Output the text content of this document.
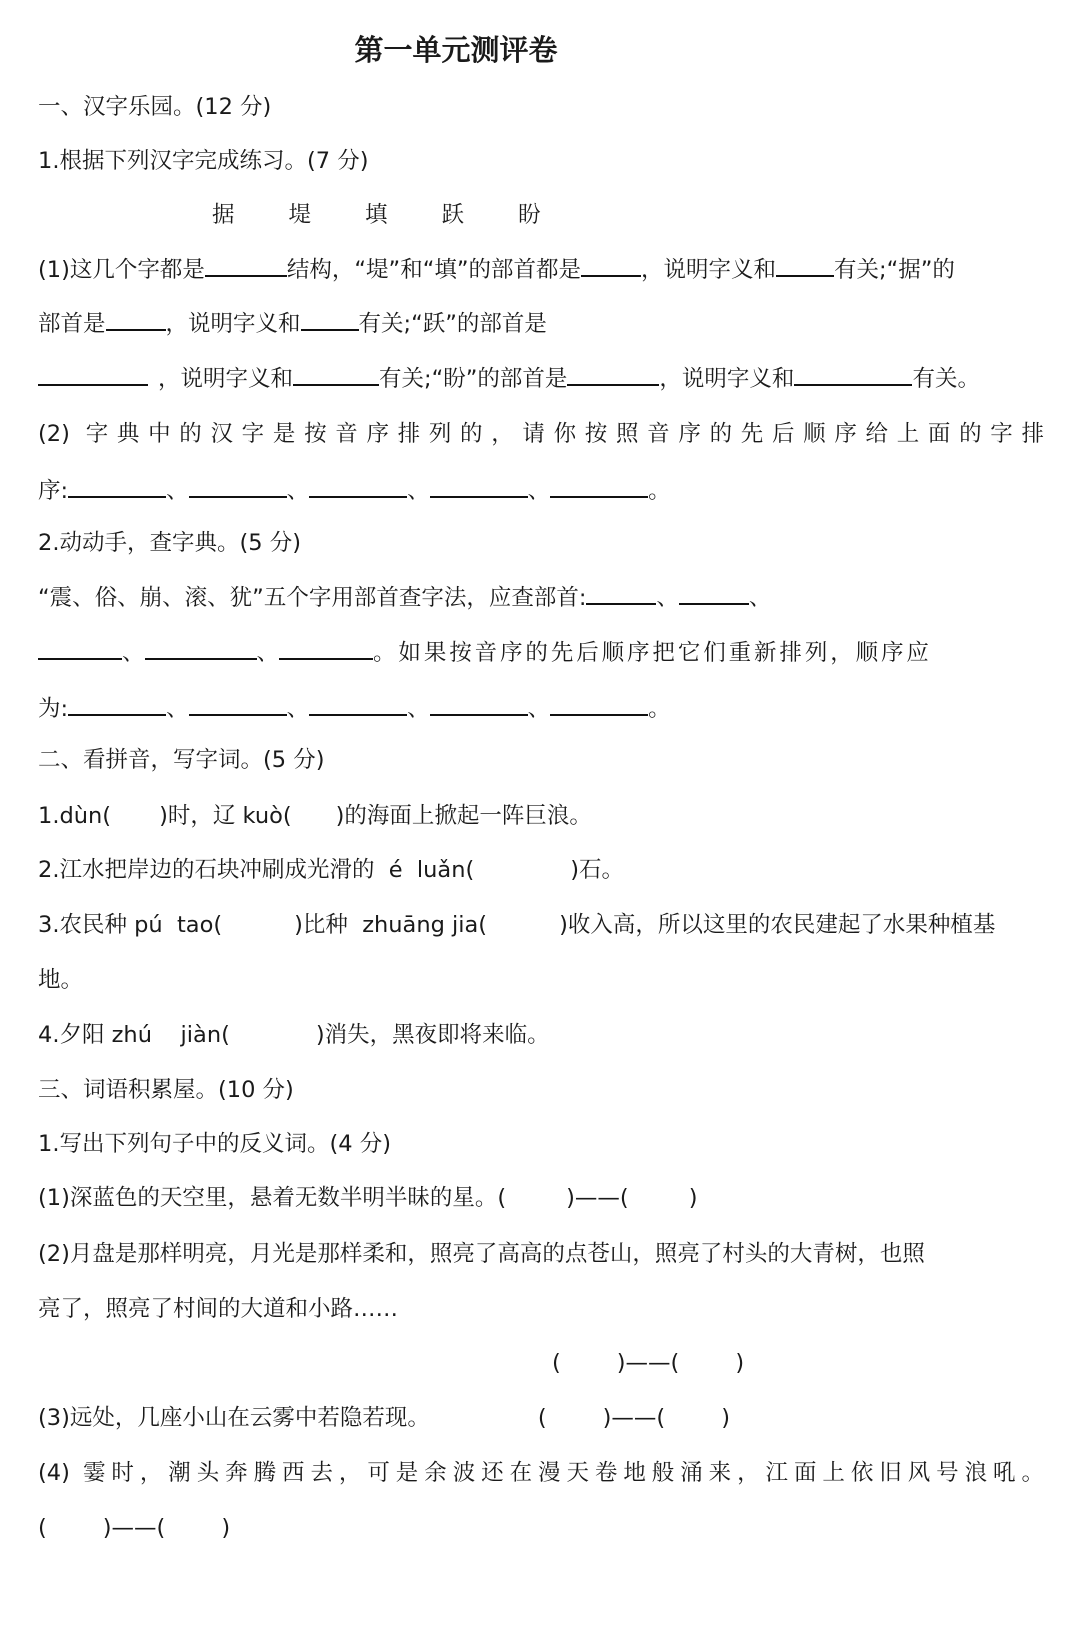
第一单元测评卷
一、汉字乐园。(12 分)
1.根据下列汉字完成练习。(7 分)
据 堤 填 跃 盼
(1)这几个字都是	结构，“堤”和“填”的部首都是	，说明字义和	有关;“据”的
部首是	，说明字义和	有关;“跃”的部首是
，说明字义和	有关;“盼”的部首是	，说明字义和	有关。
(2) 字典中的汉字是按音序排列的，请你按照音序的先后顺序给上面的字排
序:	、	、	、	、	。
2.动动手，查字典。(5 分)
“震、俗、崩、滚、犹”五个字用部首查字法，应查部首:	、	、
、	、	。如果按音序的先后顺序把它们重新排列，顺序应
为:	、	、	、	、	。
二、看拼音，写字词。(5 分)
1.dùn( )时，辽 kuò( )的海面上掀起一阵巨浪。
2.江水把岸边的石块冲刷成光滑的  é  luǎn(	)石。
3.农民种 pú  tao(	)比种  zhuāng jia(	)收入高，所以这里的农民建起了水果种植基
地。
4.夕阳 zhú    jiàn(	)消失，黑夜即将来临。
三、词语积累屋。(10 分)
1.写出下列句子中的反义词。(4 分)
(1)深蓝色的天空里，悬着无数半明半昧的星。(	)——(	)
(2)月盘是那样明亮，月光是那样柔和，照亮了高高的点苍山，照亮了村头的大青树，也照
亮了，照亮了村间的大道和小路……
( )——( )
(3)远处，几座小山在云雾中若隐若现。	( )——( )
(4) 霎时，潮头奔腾西去，可是余波还在漫天卷地般涌来，江面上依旧风号浪吼。
( )——( )
